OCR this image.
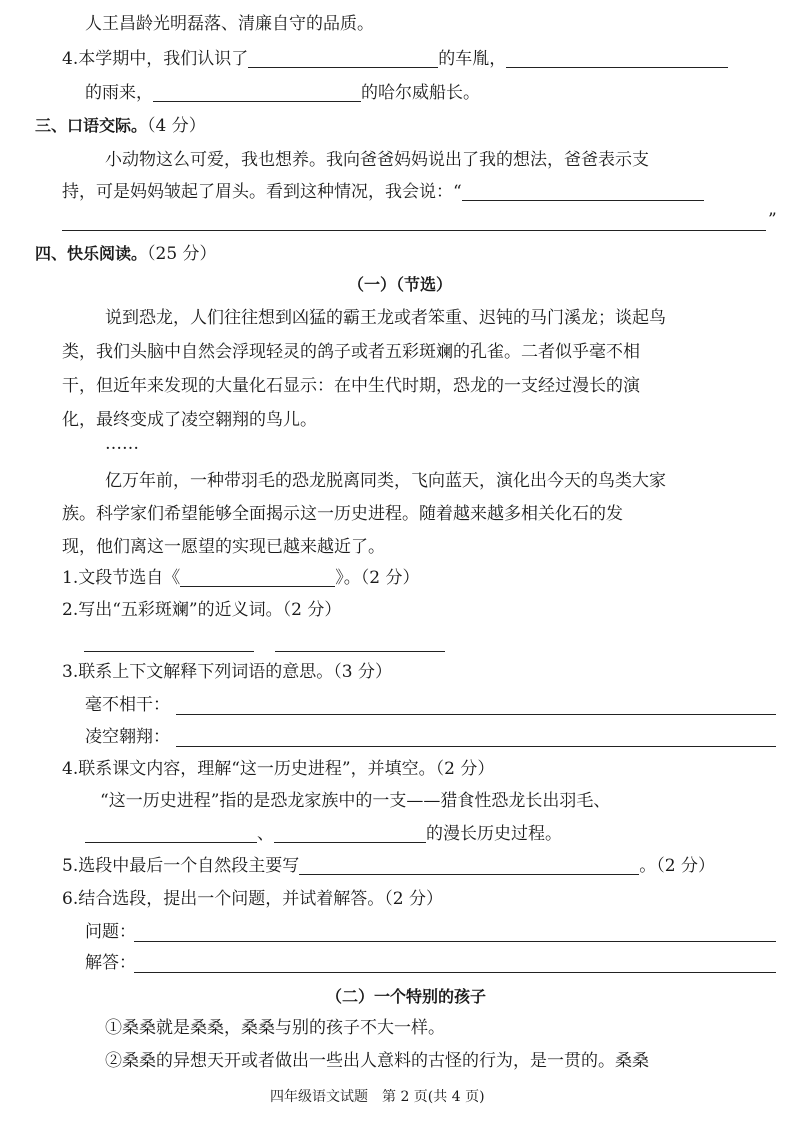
人王昌龄光明磊落、清廉自守的品质。
4.本学期中，我们认识了	的车胤，
的雨来，	的哈尔威船长。
三、口语交际。（4 分）
小动物这么可爱，我也想养。我向爸爸妈妈说出了我的想法，爸爸表示支
持，可是妈妈皱起了眉头。看到这种情况，我会说：“
”
四、快乐阅读。（25 分）
（一）（节选）
说到恐龙，人们往往想到凶猛的霸王龙或者笨重、迟钝的马门溪龙；谈起鸟
类，我们头脑中自然会浮现轻灵的鸽子或者五彩斑斓的孔雀。二者似乎毫不相
干，但近年来发现的大量化石显示：在中生代时期，恐龙的一支经过漫长的演
化，最终变成了凌空翱翔的鸟儿。
……
亿万年前，一种带羽毛的恐龙脱离同类，飞向蓝天，演化出今天的鸟类大家
族。科学家们希望能够全面揭示这一历史进程。随着越来越多相关化石的发
现，他们离这一愿望的实现已越来越近了。
1.文段节选自《	》。（2 分）
2.写出“五彩斑斓”的近义词。（2 分）
3.联系上下文解释下列词语的意思。（3 分）
毫不相干：
凌空翱翔：
4.联系课文内容，理解“这一历史进程”，并填空。（2 分）
“这一历史进程”指的是恐龙家族中的一支——猎食性恐龙长出羽毛、
、	的漫长历史过程。
5.选段中最后一个自然段主要写	。（2 分）
6.结合选段，提出一个问题，并试着解答。（2 分）
问题：
解答：
（二）一个特别的孩子
①桑桑就是桑桑，桑桑与别的孩子不大一样。
②桑桑的异想天开或者做出一些出人意料的古怪的行为，是一贯的。桑桑
四年级语文试题　第 2 页(共 4 页)
